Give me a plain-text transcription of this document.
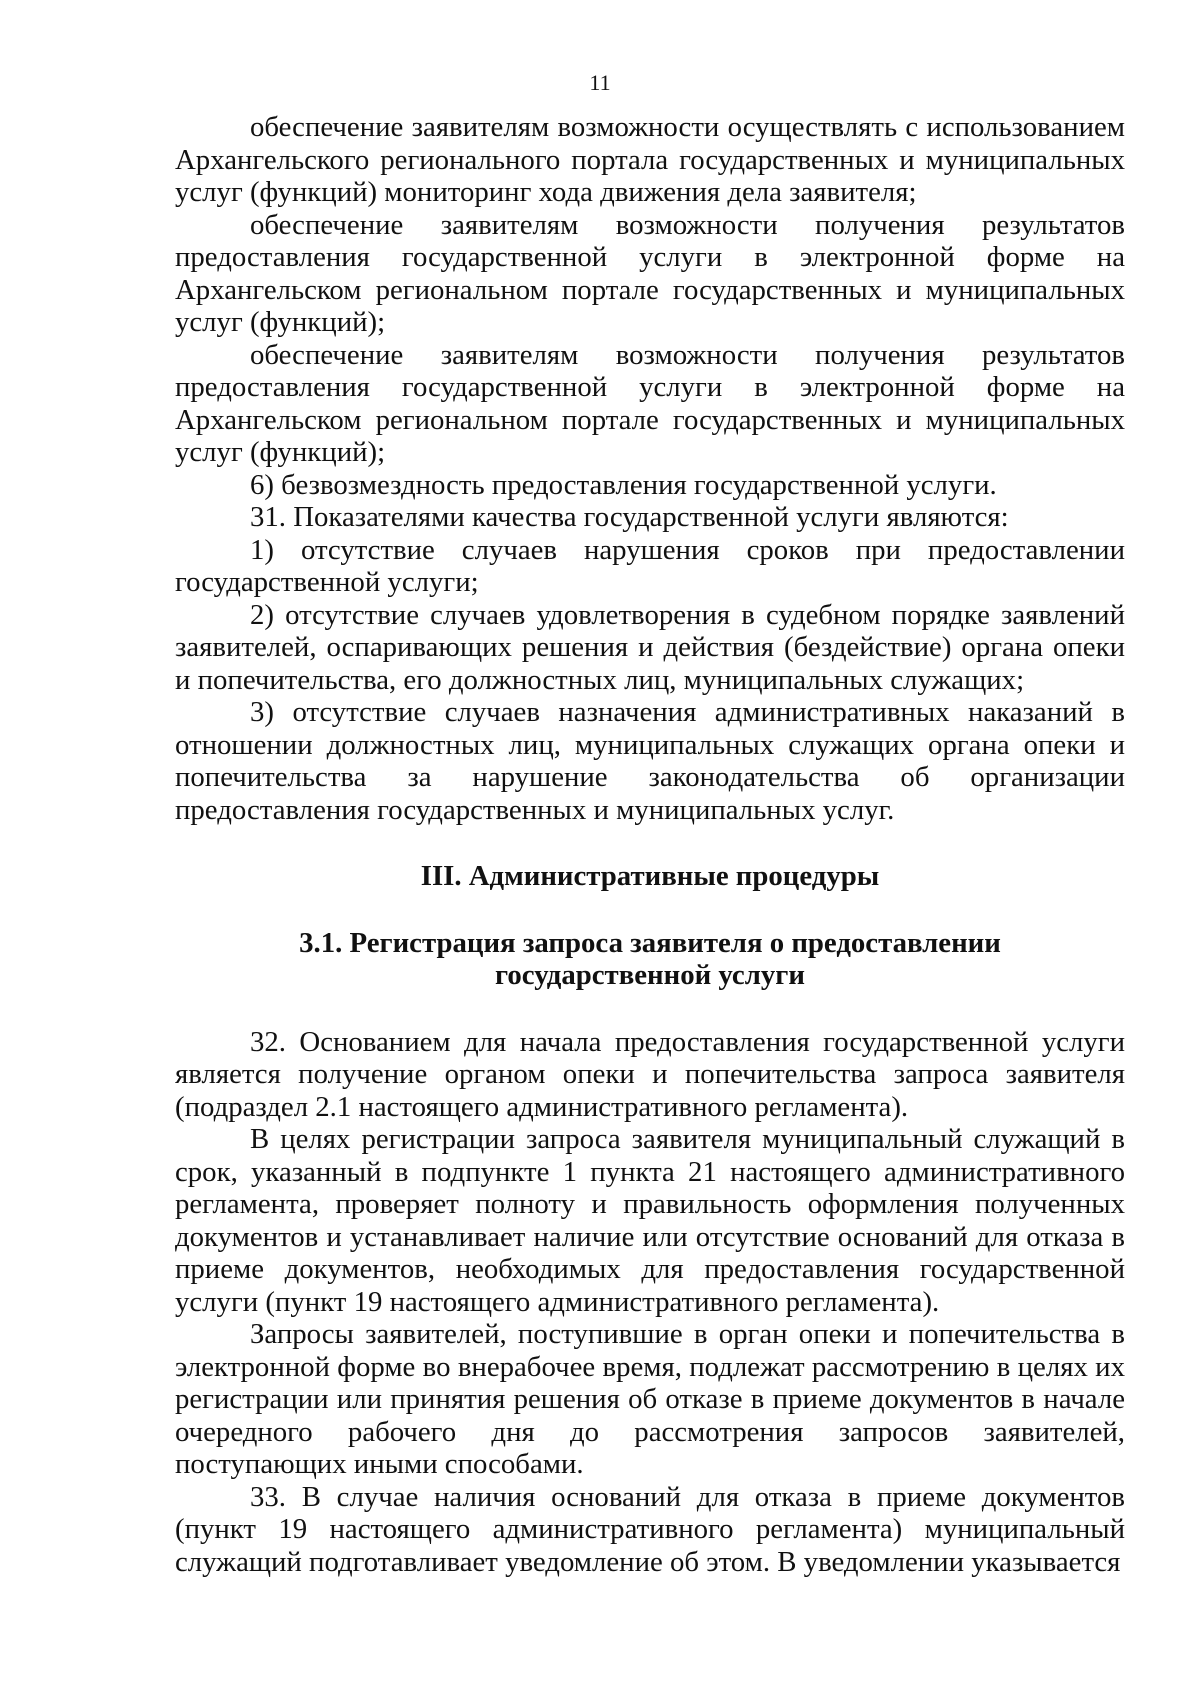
11

обеспечение заявителям возможности осуществлять с использованием Архангельского регионального портала государственных и муниципальных услуг (функций) мониторинг хода движения дела заявителя;

обеспечение заявителям возможности получения результатов предоставления государственной услуги в электронной форме на Архангельском региональном портале государственных и муниципальных услуг (функций);

обеспечение заявителям возможности получения результатов предоставления государственной услуги в электронной форме на Архангельском региональном портале государственных и муниципальных услуг (функций);

6) безвозмездность предоставления государственной услуги.

31. Показателями качества государственной услуги являются:

1) отсутствие случаев нарушения сроков при предоставлении государственной услуги;

2) отсутствие случаев удовлетворения в судебном порядке заявлений заявителей, оспаривающих решения и действия (бездействие) органа опеки и попечительства, его должностных лиц, муниципальных служащих;

3) отсутствие случаев назначения административных наказаний в отношении должностных лиц, муниципальных служащих органа опеки и попечительства за нарушение законодательства об организации предоставления государственных и муниципальных услуг.

III. Административные процедуры

3.1. Регистрация запроса заявителя о предоставлении

государственной услуги

32. Основанием для начала предоставления государственной услуги является получение органом опеки и попечительства запроса заявителя (подраздел 2.1 настоящего административного регламента).

В целях регистрации запроса заявителя муниципальный служащий в срок, указанный в подпункте 1 пункта 21 настоящего административного регламента, проверяет полноту и правильность оформления полученных документов и устанавливает наличие или отсутствие оснований для отказа в приеме документов, необходимых для предоставления государственной услуги (пункт 19 настоящего административного регламента).

Запросы заявителей, поступившие в орган опеки и попечительства в электронной форме во внерабочее время, подлежат рассмотрению в целях их регистрации или принятия решения об отказе в приеме документов в начале очередного рабочего дня до рассмотрения запросов заявителей, поступающих иными способами.

33. В случае наличия оснований для отказа в приеме документов (пункт 19 настоящего административного регламента) муниципальный служащий подготавливает уведомление об этом. В уведомлении указывается
